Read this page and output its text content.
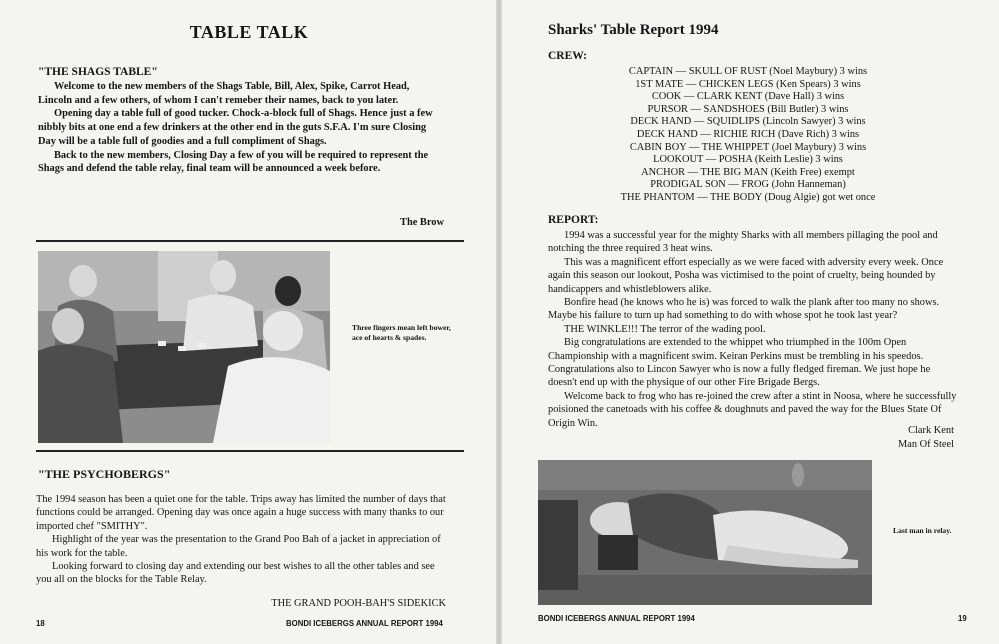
TABLE TALK
"THE SHAGS TABLE"

Welcome to the new members of the Shags Table, Bill, Alex, Spike, Carrot Head, Lincoln and a few others, of whom I can't remeber their names, back to you later.

Opening day a table full of good tucker. Chock-a-block full of Shags. Hence just a few nibbly bits at one end a few drinkers at the other end in the guts S.F.A. I'm sure Closing Day will be a table full of goodies and a full compliment of Shags.

Back to the new members, Closing Day a few of you will be required to represent the Shags and defend the table relay, final team will be announced a week before.

The Brow
Three fingers mean left bower, ace of hearts & spades.
"THE PSYCHOBERGS"

The 1994 season has been a quiet one for the table. Trips away has limited the number of days that functions could be arranged. Opening day was once again a huge success with many thanks to our imported chef "SMITHY".

Highlight of the year was the presentation to the Grand Poo Bah of a jacket in appreciation of his work for the table.

Looking forward to closing day and extending our best wishes to all the other tables and see you all on the blocks for the Table Relay.

THE GRAND POOH-BAH'S SIDEKICK
18	BONDI ICEBERGS ANNUAL REPORT 1994
Sharks' Table Report 1994
CREW:
CAPTAIN — SKULL OF RUST (Noel Maybury) 3 wins
1ST MATE — CHICKEN LEGS (Ken Spears) 3 wins
COOK — CLARK KENT (Dave Hall) 3 wins
PURSOR — SANDSHOES (Bill Butler) 3 wins
DECK HAND — SQUIDLIPS (Lincoln Sawyer) 3 wins
DECK HAND — RICHIE RICH (Dave Rich) 3 wins
CABIN BOY — THE WHIPPET (Joel Maybury) 3 wins
LOOKOUT — POSHA (Keith Leslie) 3 wins
ANCHOR — THE BIG MAN (Keith Free) exempt
PRODIGAL SON — FROG (John Hanneman)
THE PHANTOM — THE BODY (Doug Algie) got wet once
REPORT:

1994 was a successful year for the mighty Sharks with all members pillaging the pool and notching the three required 3 heat wins.

This was a magnificent effort especially as we were faced with adversity every week. Once again this season our lookout, Posha was victimised to the point of cruelty, being hounded by handicappers and whistleblowers alike.

Bonfire head (he knows who he is) was forced to walk the plank after too many no shows. Maybe his failure to turn up had something to do with whose spot he took last year?

THE WINKLE!!! The terror of the wading pool.

Big congratulations are extended to the whippet who triumphed in the 100m Open Championship with a magnificent swim. Keiran Perkins must be trembling in his speedos. Congratulations also to Lincon Sawyer who is now a fully fledged fireman. We just hope he doesn't end up with the physique of our other Fire Brigade Bergs.

Welcome back to frog who has re-joined the crew after a stint in Noosa, where he successfully poisioned the canetoads with his coffee & doughnuts and paved the way for the Blues State Of Origin Win.

Clark Kent
Man Of Steel
Last man in relay.
BONDI ICEBERGS ANNUAL REPORT 1994	19
